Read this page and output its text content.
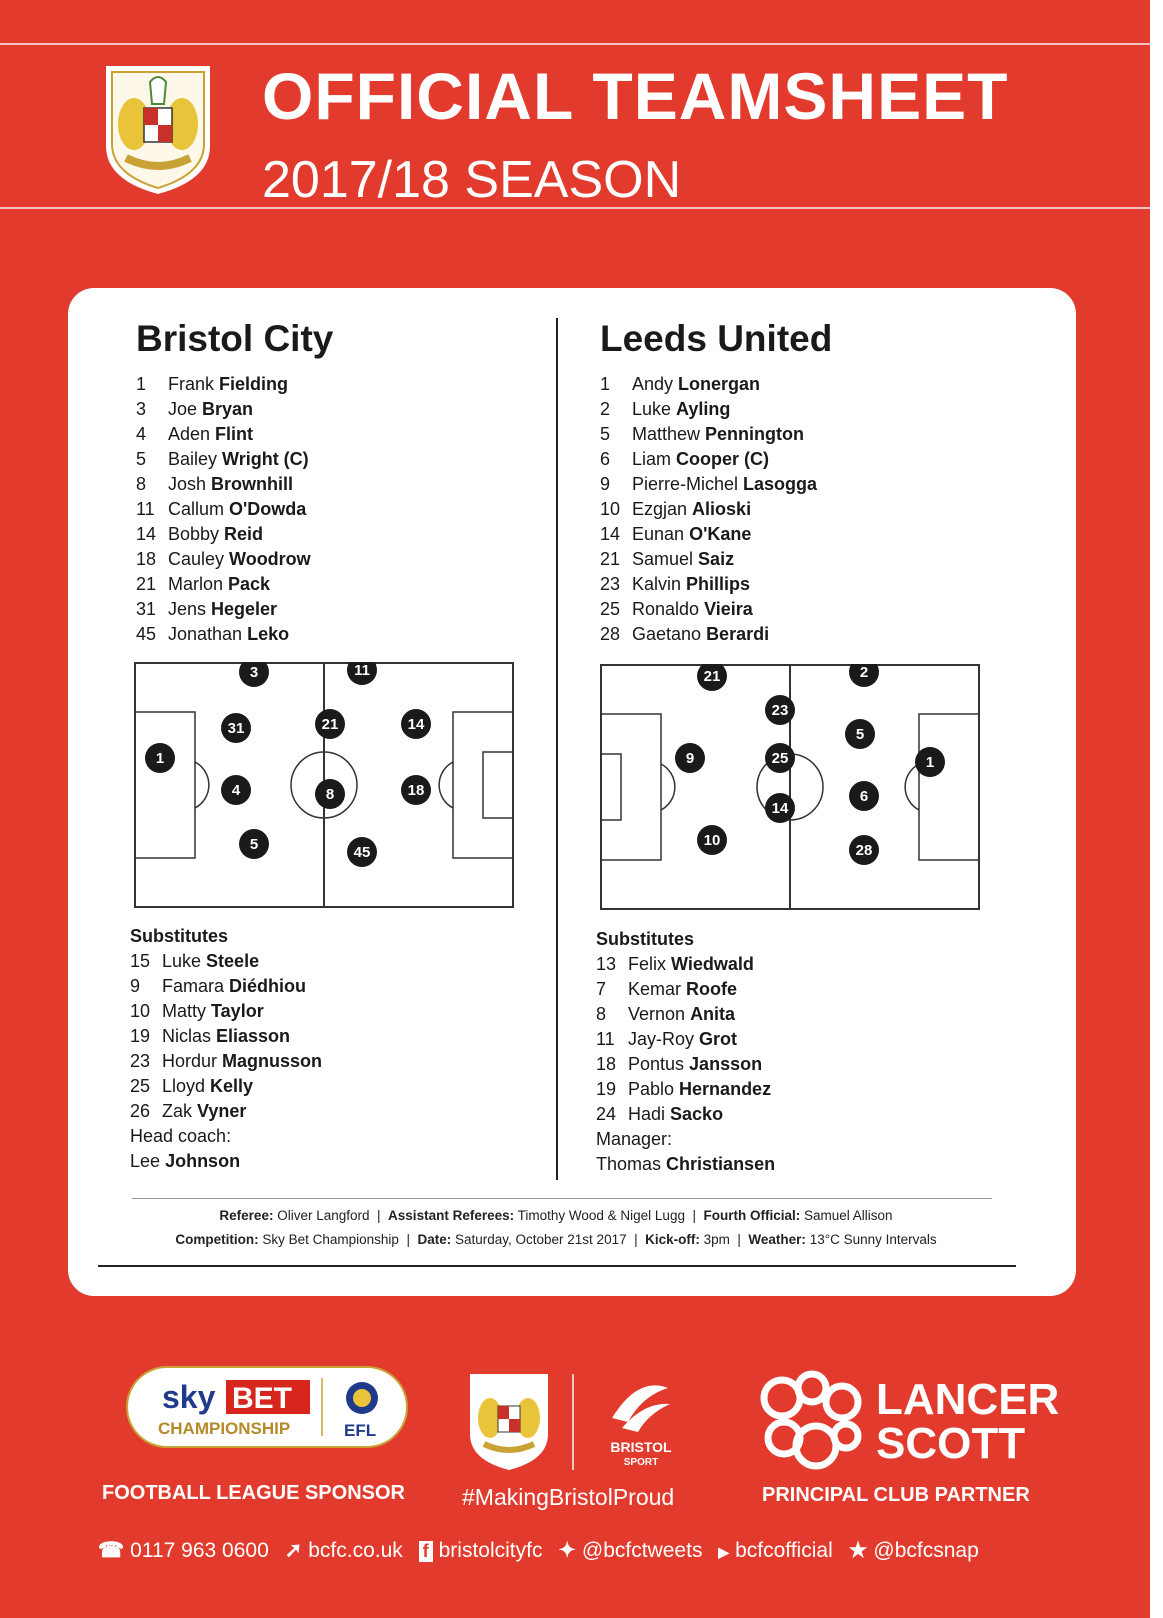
OFFICIAL TEAMSHEET
2017/18 SEASON
Bristol City
1 Frank Fielding
3 Joe Bryan
4 Aden Flint
5 Bailey Wright (C)
8 Josh Brownhill
11 Callum O'Dowda
14 Bobby Reid
18 Cauley Woodrow
21 Marlon Pack
31 Jens Hegeler
45 Jonathan Leko
1
3
31
4
5
11
21
8
45
14
18
Substitutes
15 Luke Steele
9 Famara Diédhiou
10 Matty Taylor
19 Niclas Eliasson
23 Hordur Magnusson
25 Lloyd Kelly
26 Zak Vyner
Head coach:
Lee Johnson
Leeds United
1 Andy Lonergan
2 Luke Ayling
5 Matthew Pennington
6 Liam Cooper (C)
9 Pierre-Michel Lasogga
10 Ezgjan Alioski
14 Eunan O'Kane
21 Samuel Saiz
23 Kalvin Phillips
25 Ronaldo Vieira
28 Gaetano Berardi
21
10
9
23
25
14
2
5
6
28
1
Substitutes
13 Felix Wiedwald
7 Kemar Roofe
8 Vernon Anita
11 Jay-Roy Grot
18 Pontus Jansson
19 Pablo Hernandez
24 Hadi Sacko
Manager:
Thomas Christiansen
Referee: Oliver Langford  |  Assistant Referees: Timothy Wood & Nigel Lugg  |  Fourth Official: Samuel Allison
Competition: Sky Bet Championship  |  Date: Saturday, October 21st 2017  |  Kick-off: 3pm  |  Weather: 13°C Sunny Intervals
sky BET
CHAMPIONSHIP	EFL
FOOTBALL LEAGUE SPONSOR
BRISTOL
SPORT
#MakingBristolProud
LANCER
SCOTT
PRINCIPAL CLUB PARTNER
☎ 0117 963 0600 ➚ bcfc.co.uk f bristolcityfc ✦ @bcfctweets ▶ bcfcofficial ★ @bcfcsnap
